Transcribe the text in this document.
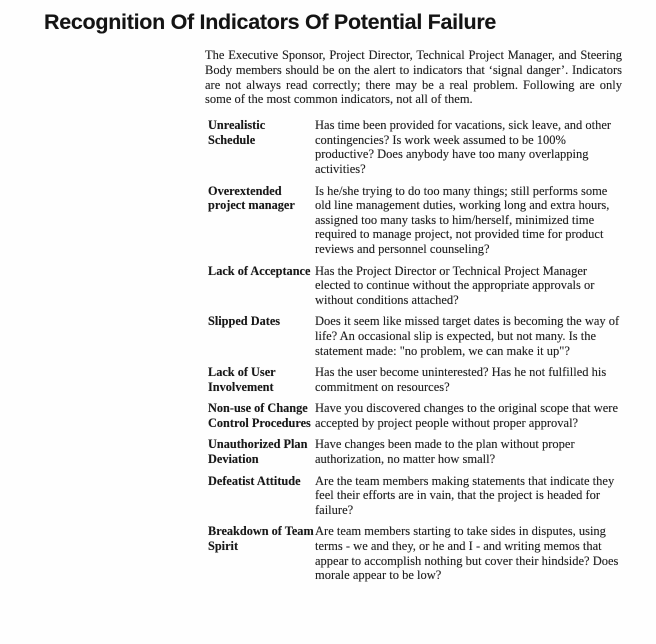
Recognition Of Indicators Of Potential Failure

The Executive Sponsor, Project Director, Technical Project Manager, and Steering Body members should be on the alert to indicators that ‘signal danger’. Indicators are not always read correctly; there may be a real problem. Following are only some of the most common indicators, not all of them.

Unrealistic Schedule
Has time been provided for vacations, sick leave, and other contingencies? Is work week assumed to be 100% productive? Does anybody have too many overlapping activities?
Overextended project manager
Is he/she trying to do too many things; still performs some old line management duties, working long and extra hours, assigned too many tasks to him/herself, minimized time required to manage project, not provided time for product reviews and personnel counseling?
Lack of Acceptance Has the Project Director or Technical Project Manager elected to continue without the appropriate approvals or without conditions attached?
Slipped Dates	Does it seem like missed target dates is becoming the way of life? An occasional slip is expected, but not many. Is the statement made: "no problem, we can make it up"?
Lack of User Involvement
Has the user become uninterested? Has he not fulfilled his commitment on resources?
Non-use of Change Control Procedures
Have you discovered changes to the original scope that were accepted by project people without proper approval?
Unauthorized Plan Deviation
Have changes been made to the plan without proper authorization, no matter how small?
Defeatist Attitude	Are the team members making statements that indicate they feel their efforts are in vain, that the project is headed for failure?
Breakdown of Team Spirit
Are team members starting to take sides in disputes, using terms - we and they, or he and I - and writing memos that appear to accomplish nothing but cover their hindside? Does morale appear to be low?
